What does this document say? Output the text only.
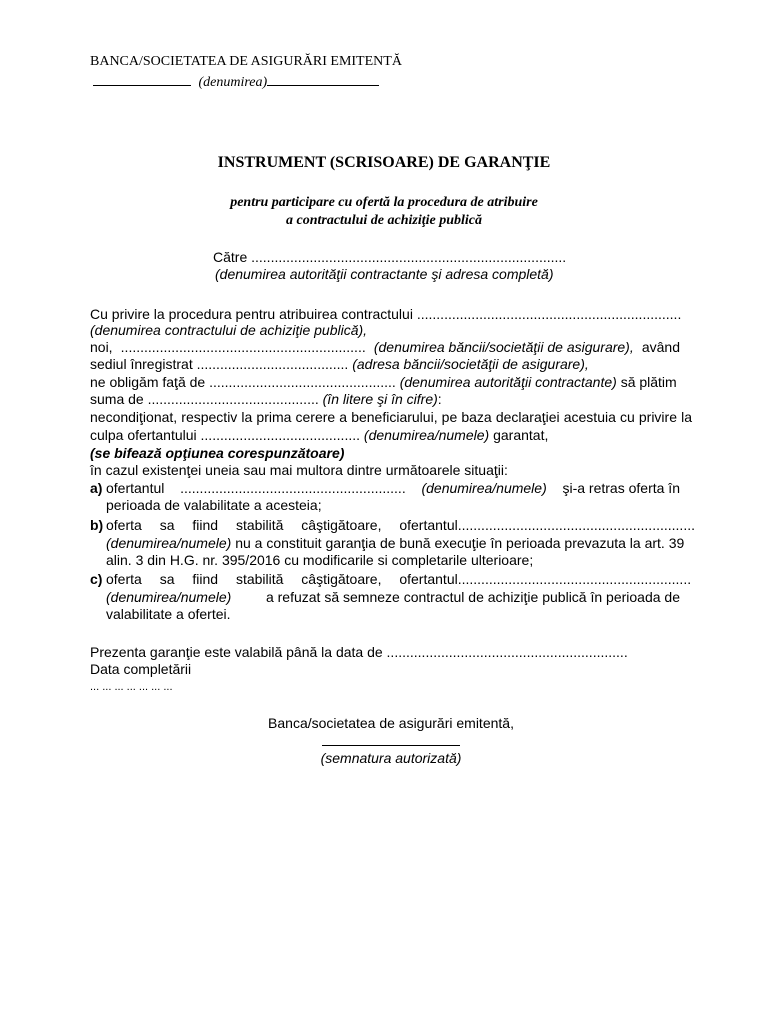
BANCA/SOCIETATEA DE ASIGURĂRI EMITENTĂ
(denumirea)
INSTRUMENT (SCRISOARE) DE GARANŢIE
pentru participare cu ofertă la procedura de atribuire
a contractului de achiziţie publică
Către .................................................................................
(denumirea autorităţii contractante şi adresa completă)
Cu privire la procedura pentru atribuirea contractului ....................................................................
(denumirea contractului de achiziţie publică),
noi, ............................................................... (denumirea băncii/societăţii de asigurare), având
sediul înregistrat ....................................... (adresa băncii/societăţii de asigurare),
ne obligăm faţă de ................................................ (denumirea autorităţii contractante) să plătim
suma de ............................................ (în litere şi în cifre):
necondiţionat, respectiv la prima cerere a beneficiarului, pe baza declaraţiei acestuia cu privire la
culpa ofertantului ......................................... (denumirea/numele) garantat,
(se bifează opţiunea corespunzătoare)
în cazul existenţei uneia sau mai multora dintre următoarele situaţii:
a) ofertantul .......................................................... (denumirea/numele) şi-a retras oferta în
perioada de valabilitate a acesteia;
b) oferta sa fiind stabilită câştigătoare, ofertantul .............................................................
(denumirea/numele) nu a constituit garanţia de bună execuţie în perioada prevazuta la art. 39
alin. 3 din H.G. nr. 395/2016 cu modificarile si completarile ulterioare;
c) oferta sa fiind stabilită câştigătoare, ofertantul ............................................................
(denumirea/numele) a refuzat să semneze contractul de achiziţie publică în perioada de
valabilitate a ofertei.
Prezenta garanţie este valabilă până la data de ..............................................................
Data completării
... ... ... ... ... ... ...
Banca/societatea de asigurări emitentă,
(semnatura autorizată)
